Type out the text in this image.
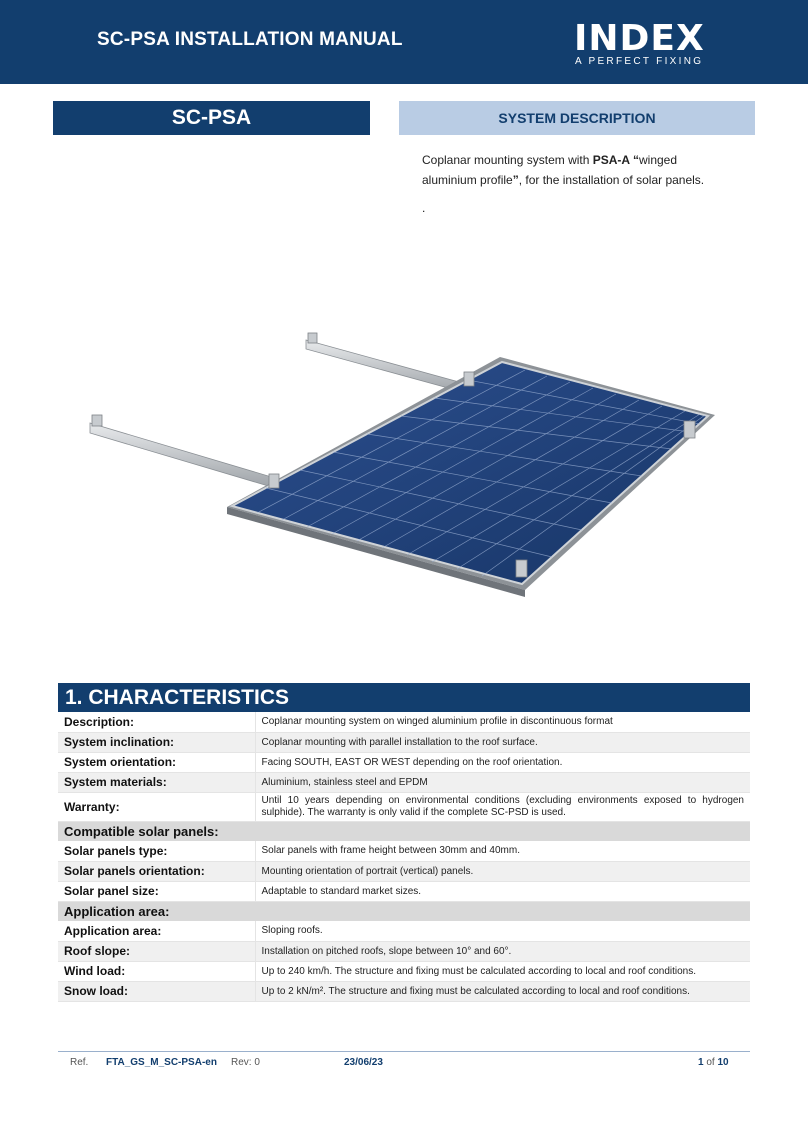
SC-PSA INSTALLATION MANUAL	INDEX
A PERFECT FIXING
SC-PSA	SYSTEM DESCRIPTION
Coplanar mounting system with PSA-A “winged aluminium profile”, for the installation of solar panels.
.
1. CHARACTERISTICS
Description:	Coplanar mounting system on winged aluminium profile in discontinuous format
System inclination:	Coplanar mounting with parallel installation to the roof surface.
System orientation:	Facing SOUTH, EAST OR WEST depending on the roof orientation.
System materials:	Aluminium, stainless steel and EPDM
Warranty:	Until 10 years depending on environmental conditions (excluding environments exposed to hydrogen sulphide). The warranty is only valid if the complete SC-PSD is used.
Compatible solar panels:	
Solar panels type:	Solar panels with frame height between 30mm and 40mm.
Solar panels orientation:	Mounting orientation of portrait (vertical) panels.
Solar panel size:	Adaptable to standard market sizes.
Application area:	
Application area:	Sloping roofs.
Roof slope:	Installation on pitched roofs, slope between 10° and 60°.
Wind load:	Up to 240 km/h. The structure and fixing must be calculated according to local and roof conditions.
Snow load:	Up to 2 kN/m². The structure and fixing must be calculated according to local and roof conditions.
Ref. FTA_GS_M_SC-PSA-en Rev: 0	23/06/23	1 of 10
